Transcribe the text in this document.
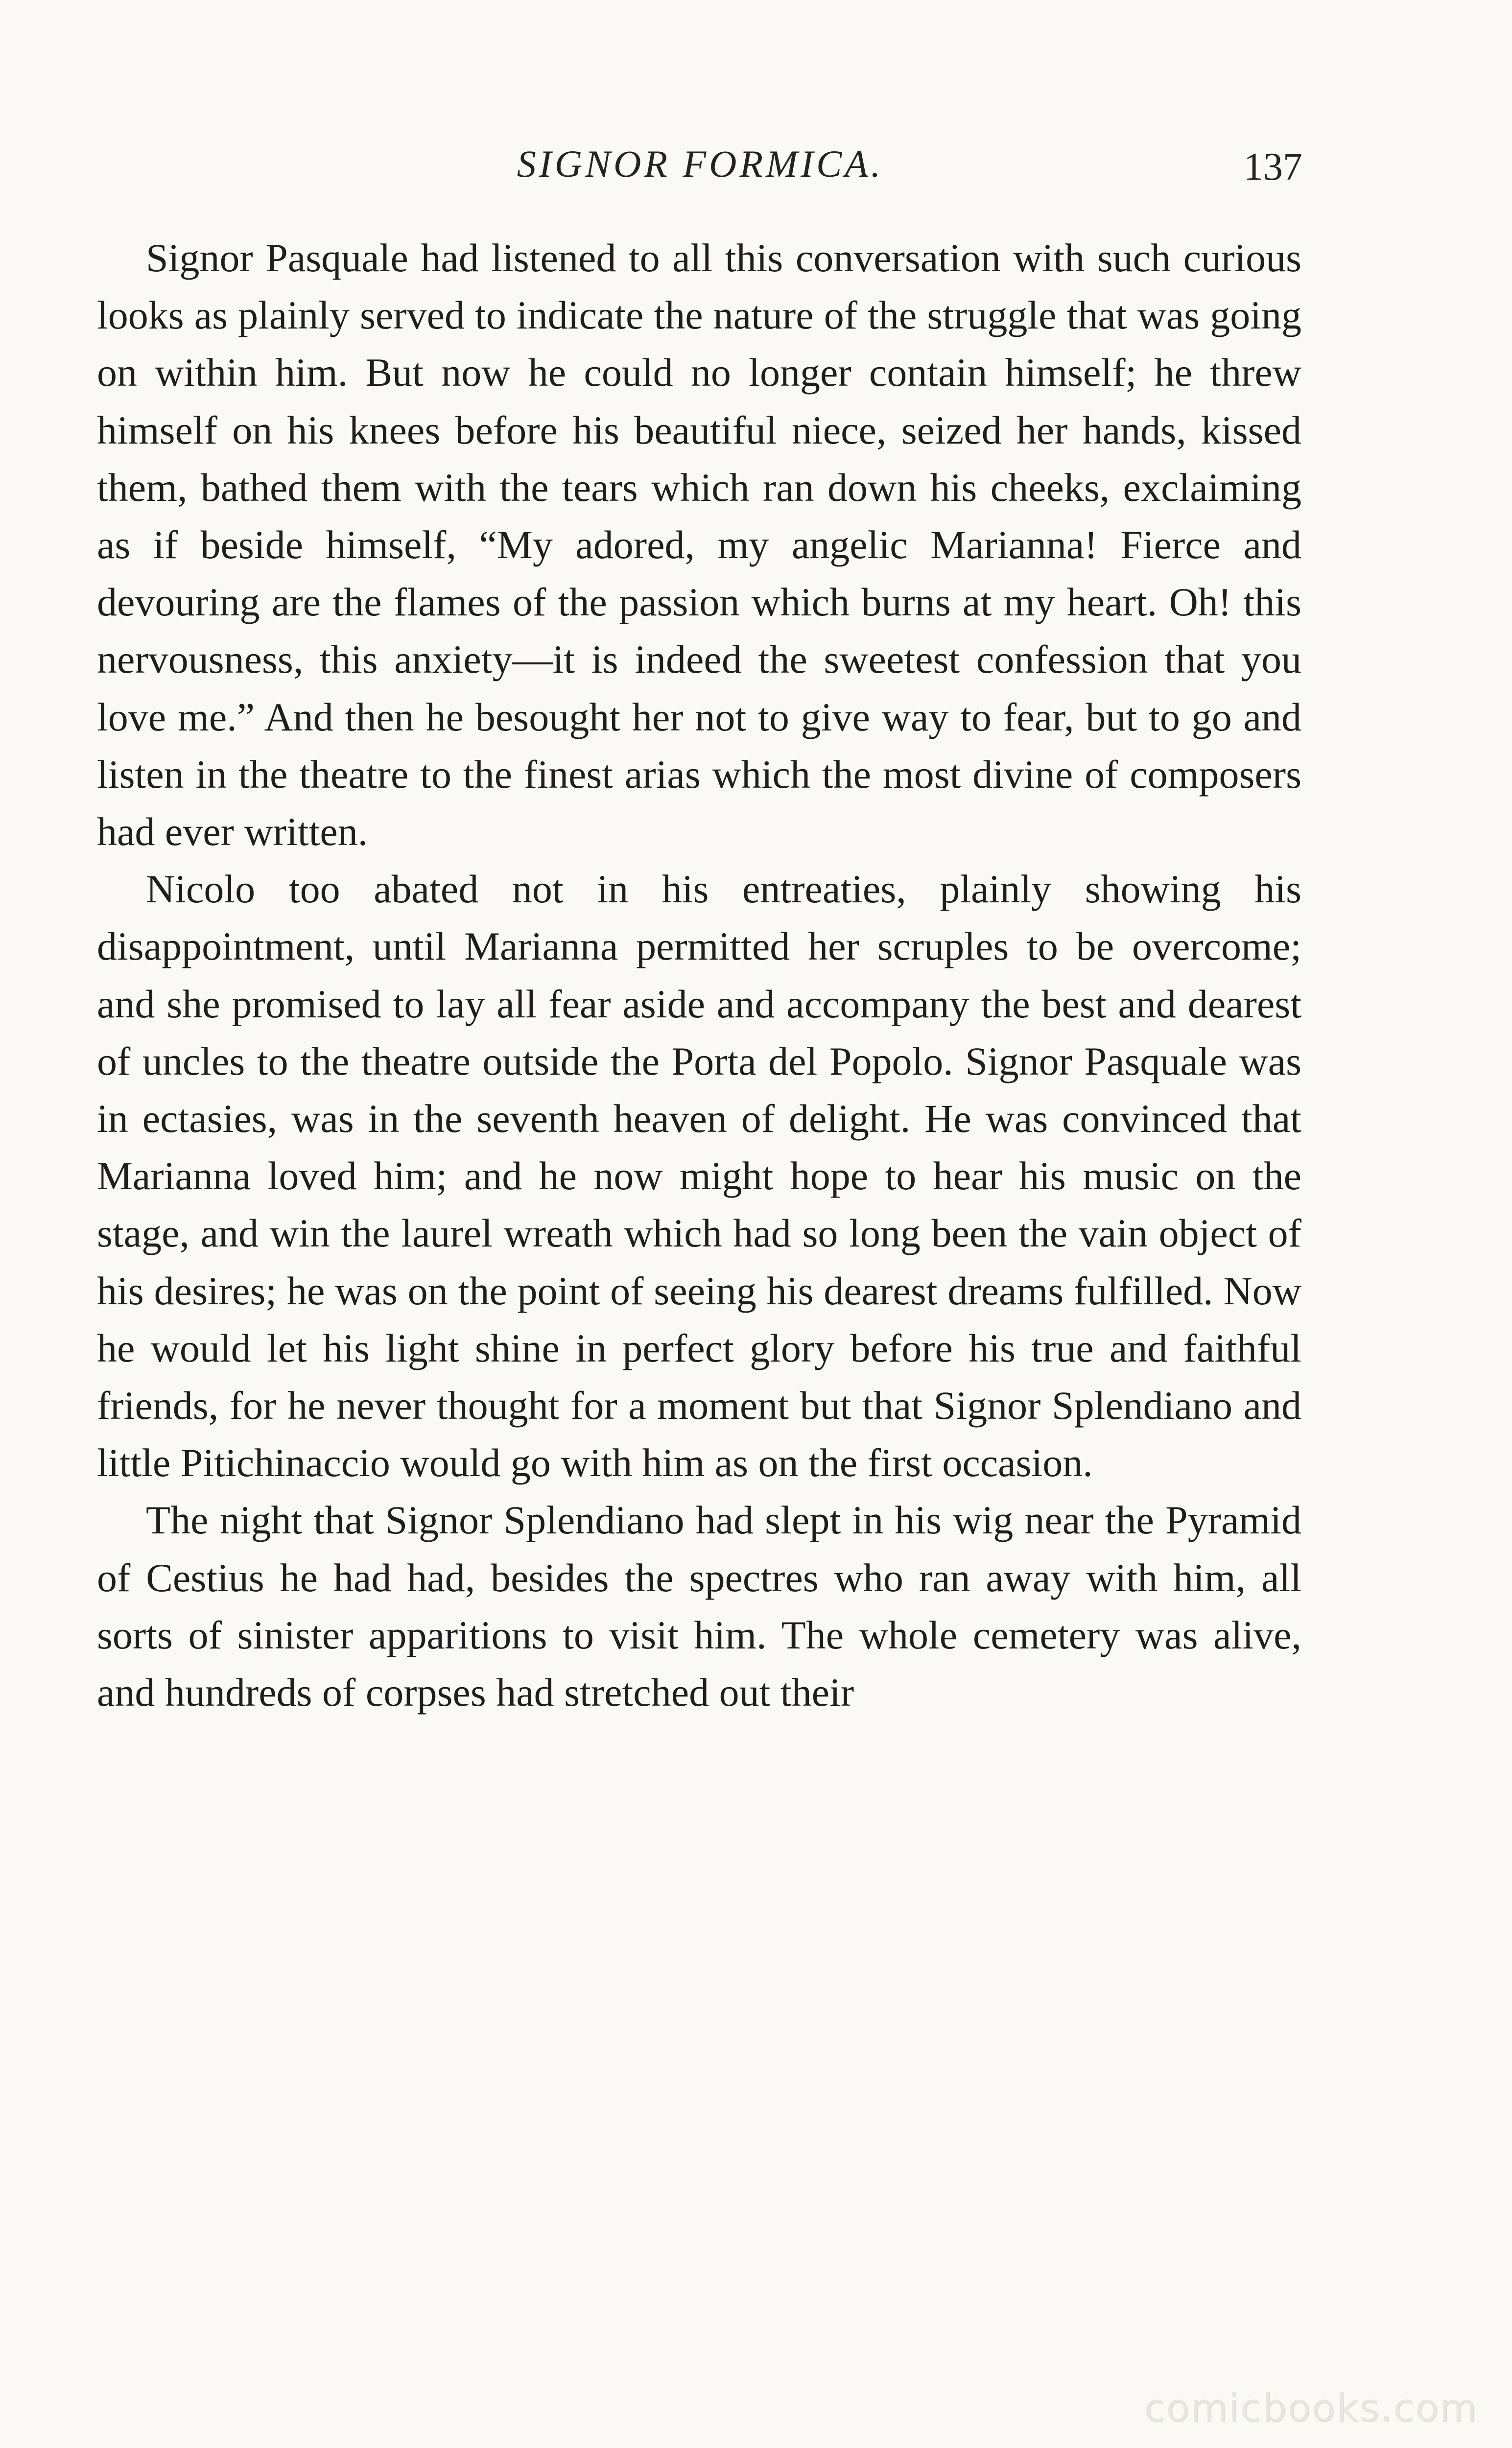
SIGNOR FORMICA.	137

Signor Pasquale had listened to all this conversation with such curious looks as plainly served to indicate the nature of the struggle that was going on within him. But now he could no longer contain himself; he threw himself on his knees before his beautiful niece, seized her hands, kissed them, bathed them with the tears which ran down his cheeks, exclaiming as if beside himself, “My adored, my angelic Marianna! Fierce and devouring are the flames of the passion which burns at my heart. Oh! this nervousness, this anxiety—it is indeed the sweetest confession that you love me.” And then he besought her not to give way to fear, but to go and listen in the theatre to the finest arias which the most divine of composers had ever written.

Nicolo too abated not in his entreaties, plainly showing his disappointment, until Marianna permitted her scruples to be overcome; and she promised to lay all fear aside and accompany the best and dearest of uncles to the theatre outside the Porta del Popolo. Signor Pasquale was in ectasies, was in the seventh heaven of delight. He was convinced that Marianna loved him; and he now might hope to hear his music on the stage, and win the laurel wreath which had so long been the vain object of his desires; he was on the point of seeing his dearest dreams fulfilled. Now he would let his light shine in perfect glory before his true and faithful friends, for he never thought for a moment but that Signor Splendiano and little Pitichinaccio would go with him as on the first occasion.

The night that Signor Splendiano had slept in his wig near the Pyramid of Cestius he had had, besides the spectres who ran away with him, all sorts of sinister apparitions to visit him. The whole cemetery was alive, and hundreds of corpses had stretched out their

comicbooks.com
